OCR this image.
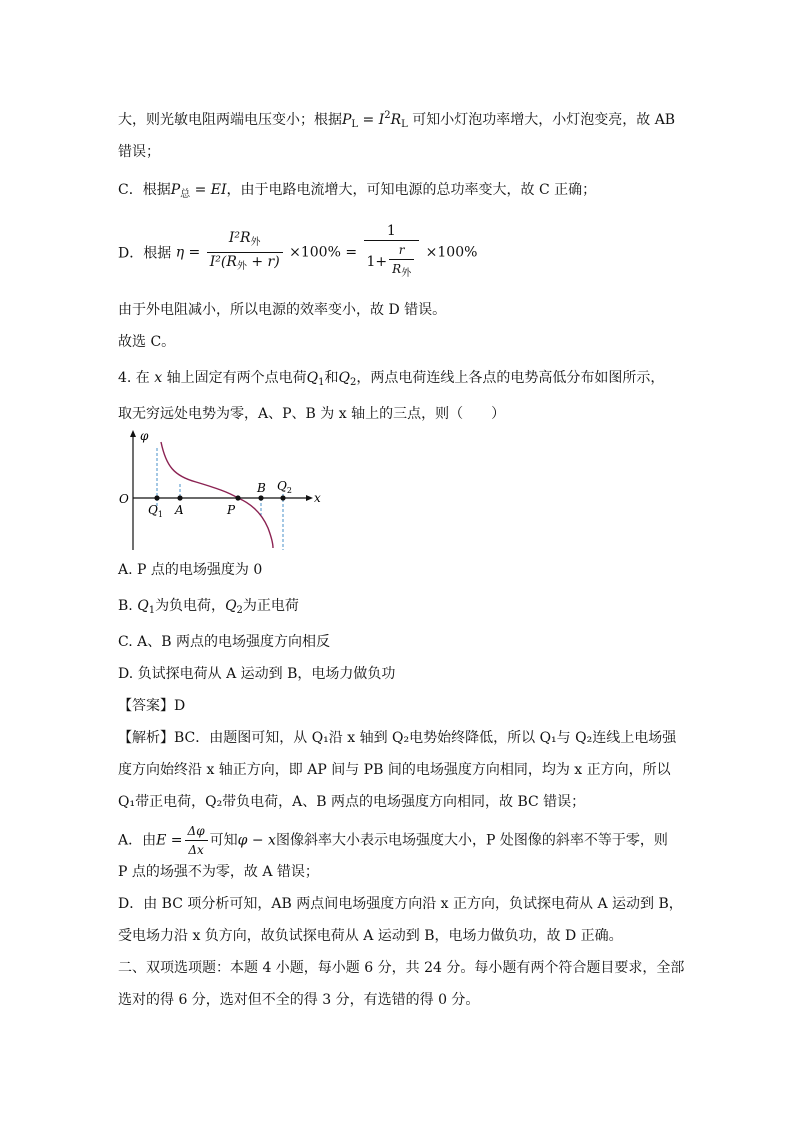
大，则光敏电阻两端电压变小；根据$P_L = I^2R_L$ 可知小灯泡功率增大，小灯泡变亮，故 AB
错误；
C．根据$P_总$ = EI，由于电路电流增大，可知电源的总功率变大，故 C 正确；
D．根据 $\eta = \frac{I^2R_外}{I^2(R_外 + r)} \times 100\% = \frac{1}{1+ \frac{r}{R_外}} \times 100\%$
由于外电阻减小，所以电源的效率变小，故 D 错误。
故选 C。
4. 在 x 轴上固定有两个点电荷$Q_1$和$Q_2$，两点电荷连线上各点的电势高低分布如图所示，
取无穷远处电势为零，A、P、B 为 x 轴上的三点，则（　　）
φ
O	x
$Q_1$ A	P
B $Q_2$
A. P 点的电场强度为 0
B. $Q_1$为负电荷，$Q_2$为正电荷
C. A、B 两点的电场强度方向相反
D. 负试探电荷从 A 运动到 B，电场力做负功
【答案】D
【解析】BC．由题图可知，从 Q₁沿 x 轴到 Q₂电势始终降低，所以 Q₁与 Q₂连线上电场强
度方向始终沿 x 轴正方向，即 AP 间与 PB 间的电场强度方向相同，均为 x 正方向，所以
Q₁带正电荷，Q₂带负电荷，A、B 两点的电场强度方向相同，故 BC 错误；
A．由$E = \frac{\Delta\varphi}{\Delta x}$ 可知φ − x图像斜率大小表示电场强度大小，P 处图像的斜率不等于零，则
P 点的场强不为零，故 A 错误；
D．由 BC 项分析可知，AB 两点间电场强度方向沿 x 正方向，负试探电荷从 A 运动到 B，
受电场力沿 x 负方向，故负试探电荷从 A 运动到 B，电场力做负功，故 D 正确。
二、双项选项题：本题 4 小题，每小题 6 分，共 24 分。每小题有两个符合题目要求，全部
选对的得 6 分，选对但不全的得 3 分，有选错的得 0 分。
